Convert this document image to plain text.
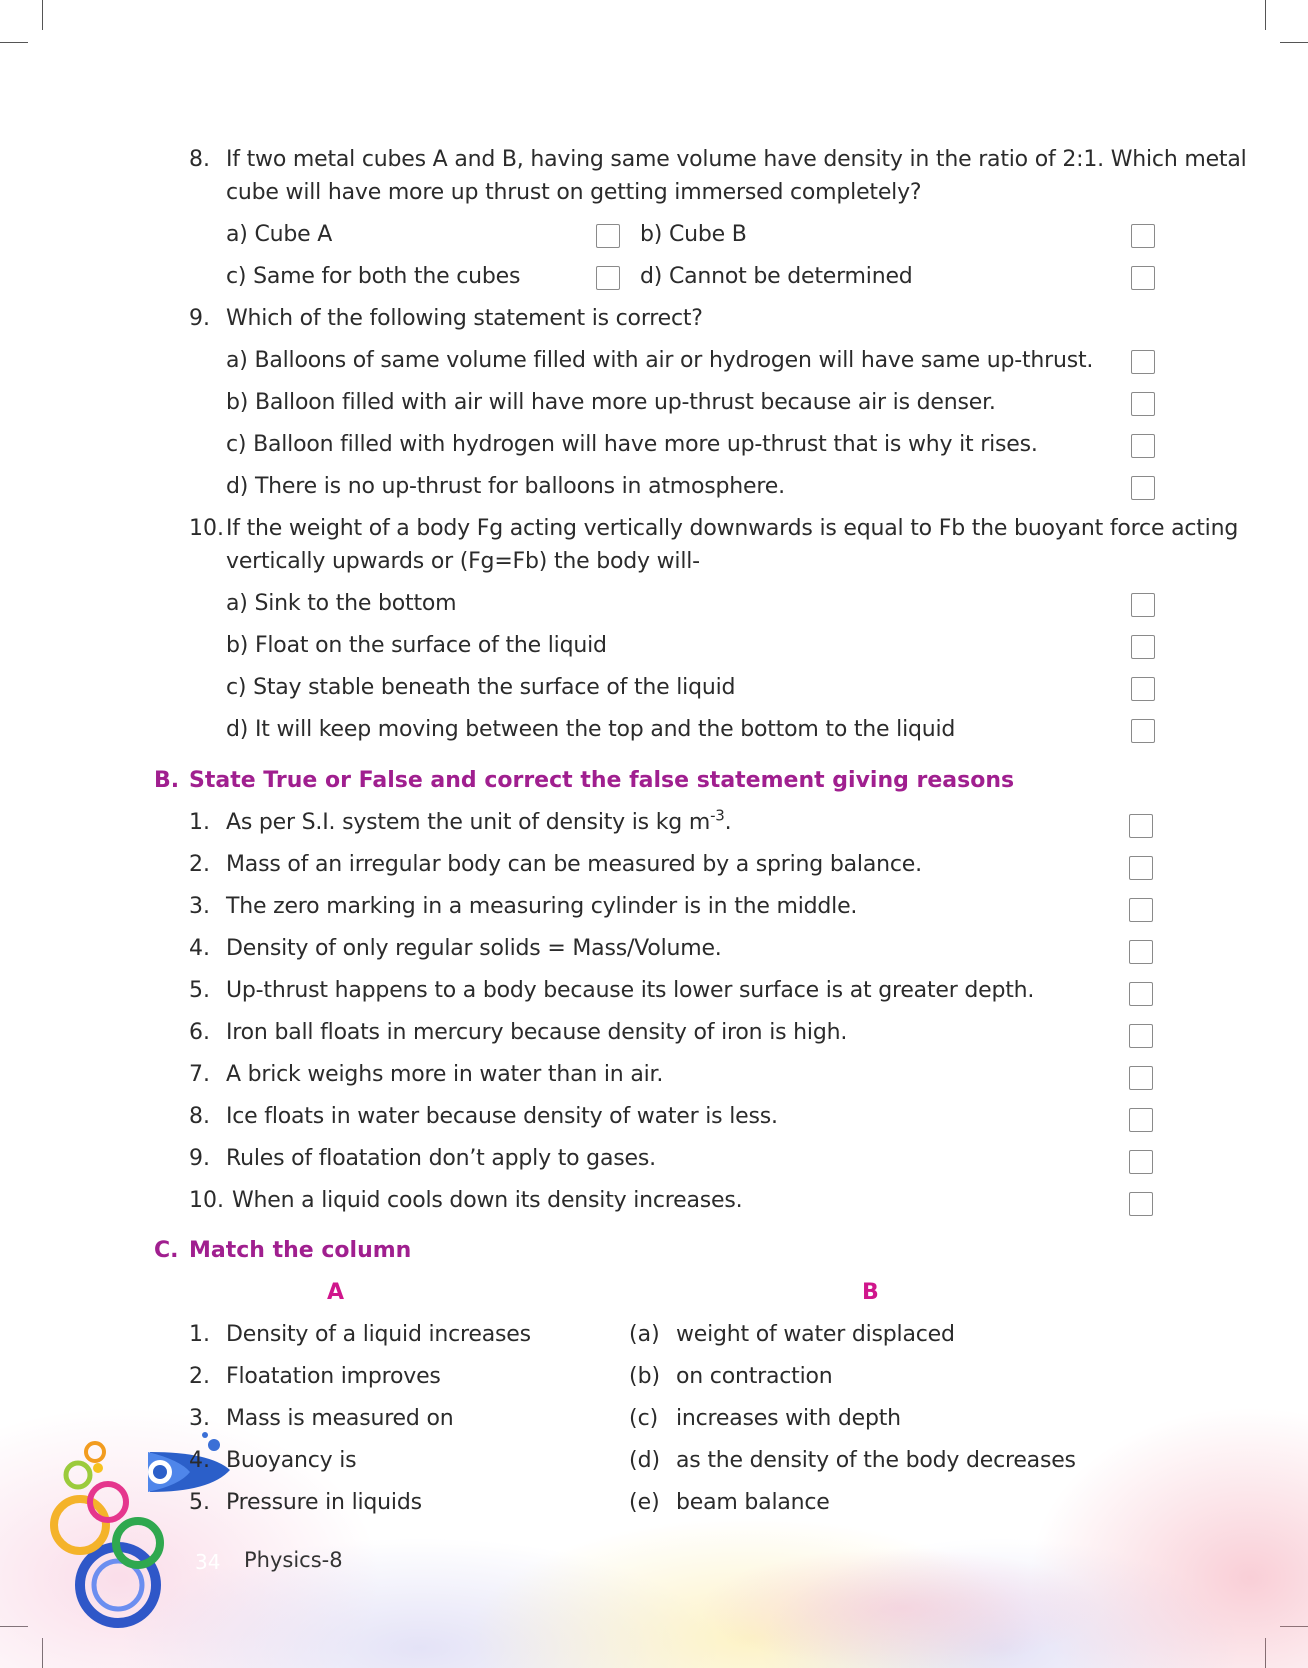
34 Physics-8
8. If two metal cubes A and B, having same volume have density in the ratio of 2:1. Which metal
cube will have more up thrust on getting immersed completely?
a) Cube A	b) Cube B
c) Same for both the cubes	d) Cannot be determined
9. Which of the following statement is correct?
a) Balloons of same volume filled with air or hydrogen will have same up-thrust.
b) Balloon filled with air will have more up-thrust because air is denser.
c) Balloon filled with hydrogen will have more up-thrust that is why it rises.
d) There is no up-thrust for balloons in atmosphere.
10. If the weight of a body Fg acting vertically downwards is equal to Fb the buoyant force acting
vertically upwards or (Fg=Fb) the body will-
a) Sink to the bottom
b) Float on the surface of the liquid
c) Stay stable beneath the surface of the liquid
d) It will keep moving between the top and the bottom to the liquid
B. State True or False and correct the false statement giving reasons
1. As per S.I. system the unit of density is kg $m^{-3}$.
2. Mass of an irregular body can be measured by a spring balance.
3. The zero marking in a measuring cylinder is in the middle.
4. Density of only regular solids = Mass/Volume.
5. Up-thrust happens to a body because its lower surface is at greater depth.
6. Iron ball floats in mercury because density of iron is high.
7. A brick weighs more in water than in air.
8. Ice floats in water because density of water is less.
9. Rules of floatation don’t apply to gases.
10. When a liquid cools down its density increases.
C. Match the column
A	B
1. Density of a liquid increases	(a) weight of water displaced
2. Floatation improves	(b) on contraction
3. Mass is measured on	(c) increases with depth
4. Buoyancy is	(d) as the density of the body decreases
5. Pressure in liquids	(e) beam balance
